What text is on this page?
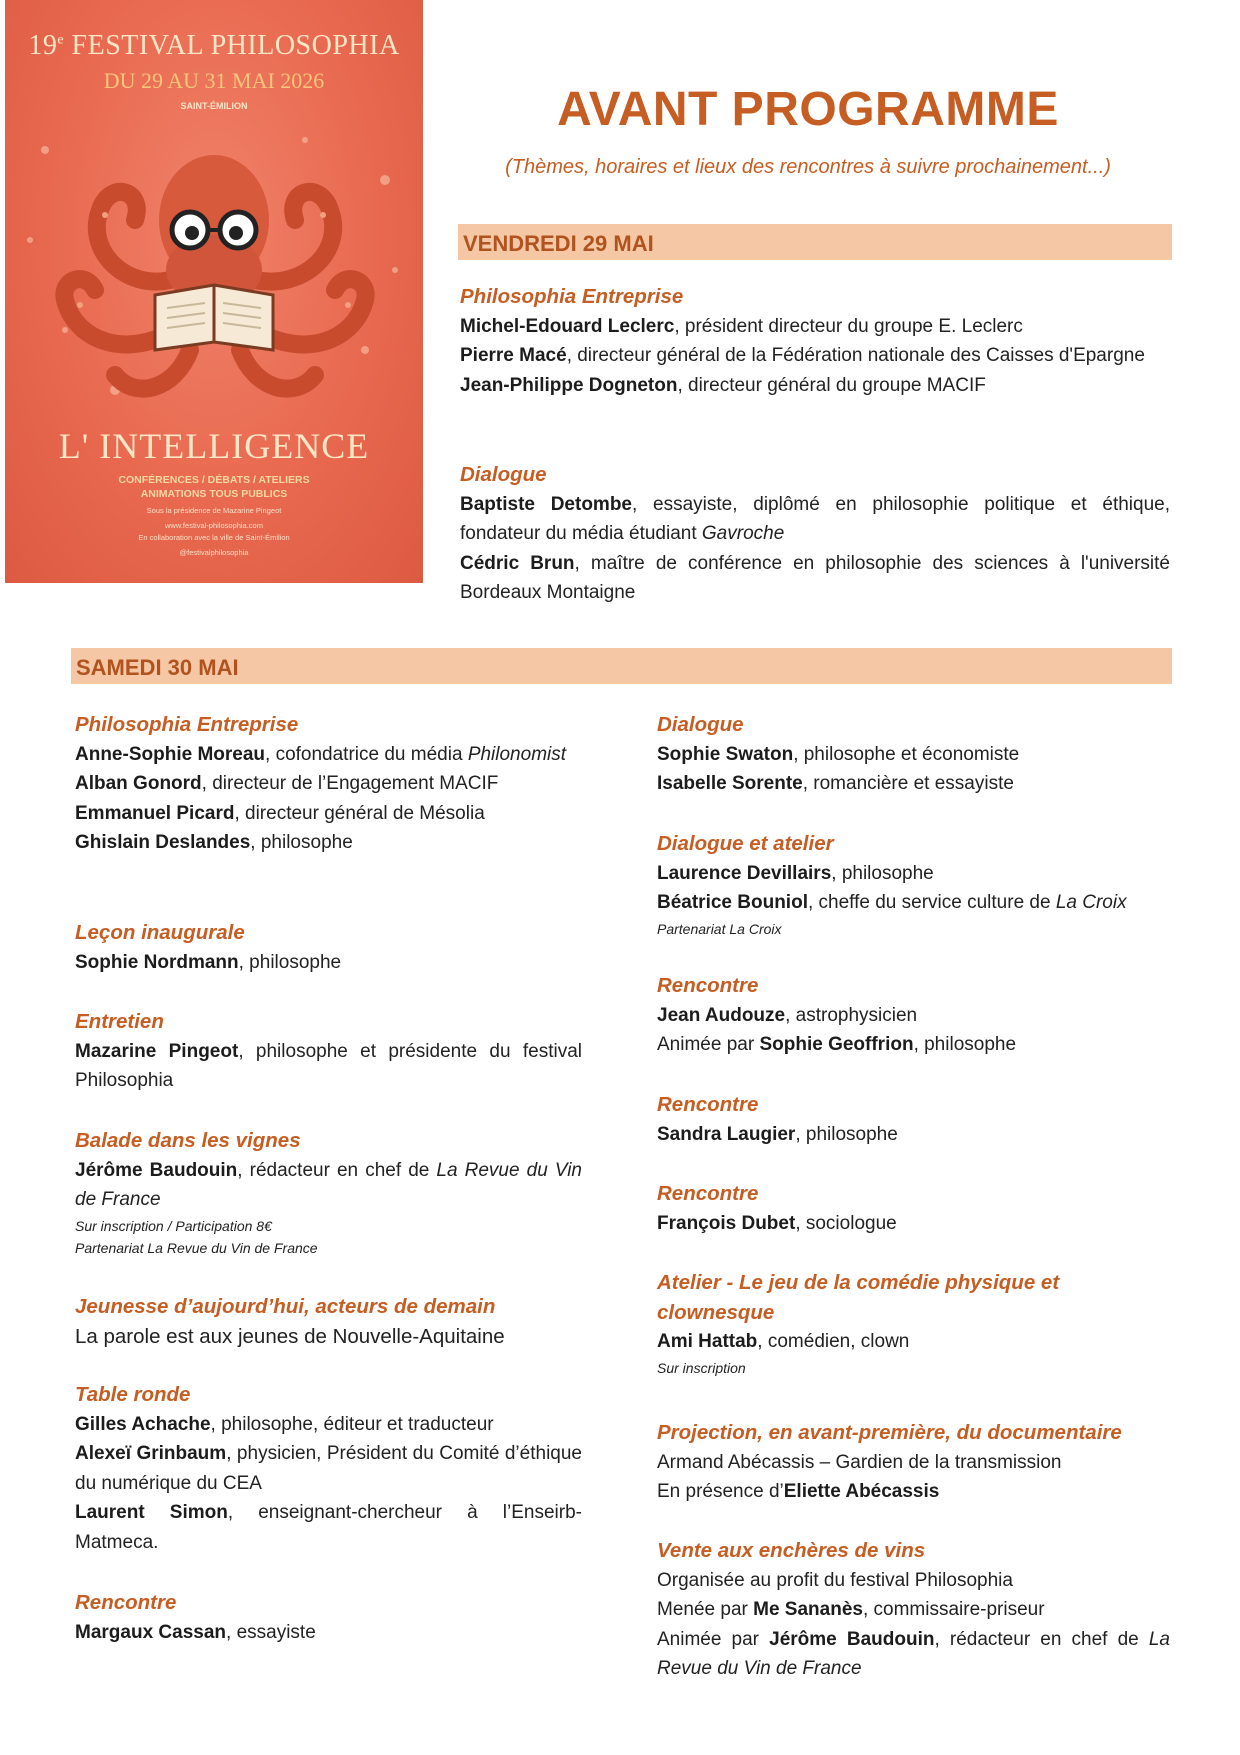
19e FESTIVAL PHILOSOPHIA
DU 29 AU 31 MAI 2026
SAINT-ÉMILION
L' INTELLIGENCE
CONFÉRENCES / DÉBATS / ATELIERS
ANIMATIONS TOUS PUBLICS
Sous la présidence de Mazarine Pingeot
www.festival-philosophia.com
En collaboration avec la ville de Saint-Émilion
@festivalphilosophia
AVANT PROGRAMME
(Thèmes, horaires et lieux des rencontres à suivre prochainement...)
VENDREDI 29 MAI
Philosophia Entreprise
Michel-Edouard Leclerc, président directeur du groupe E. Leclerc
Pierre Macé, directeur général de la Fédération nationale des Caisses d'Epargne
Jean-Philippe Dogneton, directeur général du groupe MACIF
Dialogue
Baptiste Detombe, essayiste, diplômé en philosophie politique et éthique, fondateur du média étudiant Gavroche
Cédric Brun, maître de conférence en philosophie des sciences à l'université Bordeaux Montaigne
SAMEDI 30 MAI
Philosophia Entreprise
Anne-Sophie Moreau, cofondatrice du média Philonomist
Alban Gonord, directeur de l’Engagement MACIF
Emmanuel Picard, directeur général de Mésolia
Ghislain Deslandes, philosophe
Leçon inaugurale
Sophie Nordmann, philosophe
Entretien
Mazarine Pingeot, philosophe et présidente du festival Philosophia
Balade dans les vignes
Jérôme Baudouin, rédacteur en chef de La Revue du Vin de France
Sur inscription / Participation 8€
Partenariat La Revue du Vin de France
Jeunesse d’aujourd’hui, acteurs de demain
La parole est aux jeunes de Nouvelle-Aquitaine
Table ronde
Gilles Achache, philosophe, éditeur et traducteur
Alexeï Grinbaum, physicien, Président du Comité d’éthique du numérique du CEA
Laurent Simon, enseignant-chercheur à l’Enseirb-Matmeca.
Rencontre
Margaux Cassan, essayiste
Dialogue
Sophie Swaton, philosophe et économiste
Isabelle Sorente, romancière et essayiste
Dialogue et atelier
Laurence Devillairs, philosophe
Béatrice Bouniol, cheffe du service culture de La Croix
Partenariat La Croix
Rencontre
Jean Audouze, astrophysicien
Animée par Sophie Geoffrion, philosophe
Rencontre
Sandra Laugier, philosophe
Rencontre
François Dubet, sociologue
Atelier - Le jeu de la comédie physique et clownesque
Ami Hattab, comédien, clown
Sur inscription
Projection, en avant-première, du documentaire
Armand Abécassis – Gardien de la transmission
En présence d’Eliette Abécassis
Vente aux enchères de vins
Organisée au profit du festival Philosophia
Menée par Me Sananès, commissaire-priseur
Animée par Jérôme Baudouin, rédacteur en chef de La Revue du Vin de France
